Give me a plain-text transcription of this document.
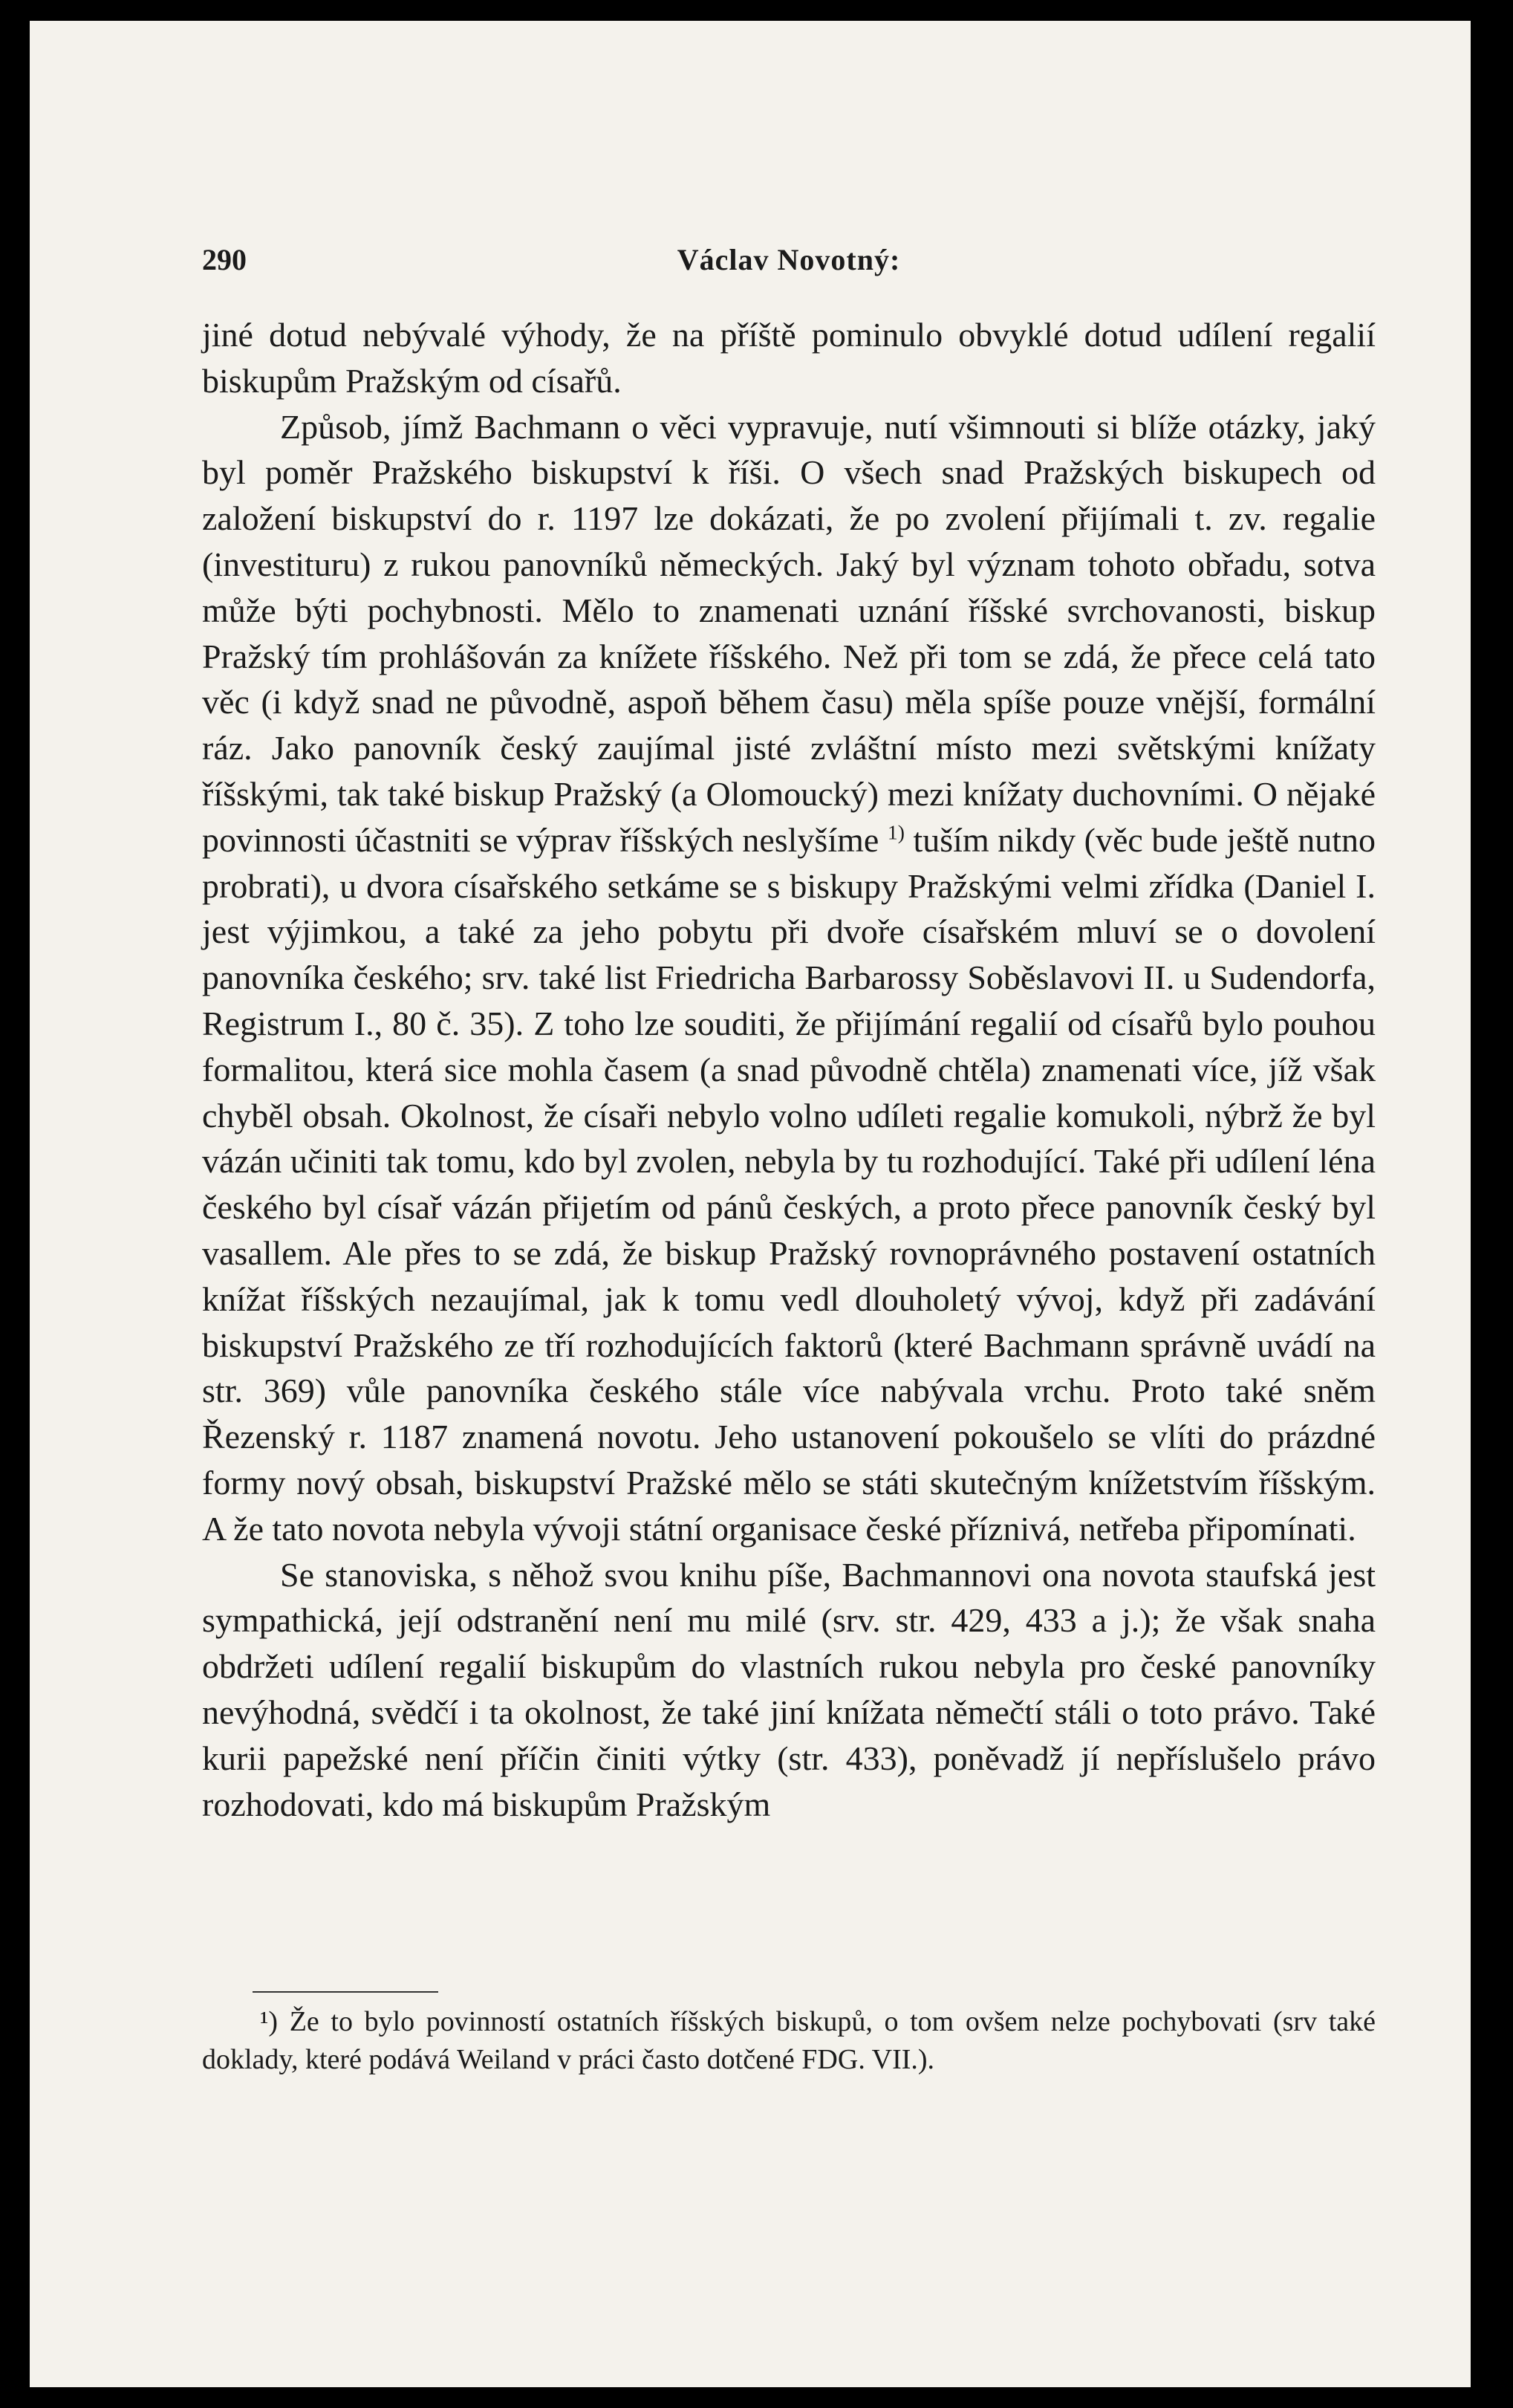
290	Václav Novotný:

jiné dotud nebývalé výhody, že na příště pominulo obvyklé dotud udílení regalií biskupům Pražským od císařů.

Způsob, jímž Bachmann o věci vypravuje, nutí všimnouti si blíže otázky, jaký byl poměr Pražského biskupství k říši. O všech snad Pražských biskupech od založení biskupství do r. 1197 lze dokázati, že po zvolení přijímali t. zv. regalie (investituru) z rukou panovníků německých. Jaký byl význam tohoto obřadu, sotva může býti pochybnosti. Mělo to znamenati uznání říšské svrchovanosti, biskup Pražský tím prohlášován za knížete říšského. Než při tom se zdá, že přece celá tato věc (i když snad ne původně, aspoň během času) měla spíše pouze vnější, formální ráz. Jako panovník český zaujímal jisté zvláštní místo mezi světskými knížaty říšskými, tak také biskup Pražský (a Olomoucký) mezi knížaty duchovními. O nějaké povinnosti účastniti se výprav říšských neslyšíme $^{1)}$ tuším nikdy (věc bude ještě nutno probrati), u dvora císařského setkáme se s biskupy Pražskými velmi zřídka (Daniel I. jest výjimkou, a také za jeho pobytu při dvoře císařském mluví se o dovolení panovníka českého; srv. také list Friedricha Barbarossy Soběslavovi II. u Sudendorfa, Registrum I., 80 č. 35). Z toho lze souditi, že přijímání regalií od císařů bylo pouhou formalitou, která sice mohla časem (a snad původně chtěla) znamenati více, jíž však chyběl obsah. Okolnost, že císaři nebylo volno udíleti regalie komukoli, nýbrž že byl vázán učiniti tak tomu, kdo byl zvolen, nebyla by tu rozhodující. Také při udílení léna českého byl císař vázán přijetím od pánů českých, a proto přece panovník český byl vasallem. Ale přes to se zdá, že biskup Pražský rovnoprávného postavení ostatních knížat říšských nezaujímal, jak k tomu vedl dlouholetý vývoj, když při zadávání biskupství Pražského ze tří rozhodujících faktorů (které Bachmann správně uvádí na str. 369) vůle panovníka českého stále více nabývala vrchu. Proto také sněm Řezenský r. 1187 znamená novotu. Jeho ustanovení pokoušelo se vlíti do prázdné formy nový obsah, biskupství Pražské mělo se státi skutečným knížetstvím říšským. A že tato novota nebyla vývoji státní organisace české příznivá, netřeba připomínati.

Se stanoviska, s něhož svou knihu píše, Bachmannovi ona novota staufská jest sympathická, její odstranění není mu milé (srv. str. 429, 433 a j.); že však snaha obdržeti udílení regalií biskupům do vlastních rukou nebyla pro české panovníky nevýhodná, svědčí i ta okolnost, že také jiní knížata němečtí stáli o toto právo. Také kurii papežské není příčin činiti výtky (str. 433), poněvadž jí nepříslušelo právo rozhodovati, kdo má biskupům Pražským

¹) Že to bylo povinností ostatních říšských biskupů, o tom ovšem nelze pochybovati (srv také doklady, které podává Weiland v práci často dotčené FDG. VII.).
